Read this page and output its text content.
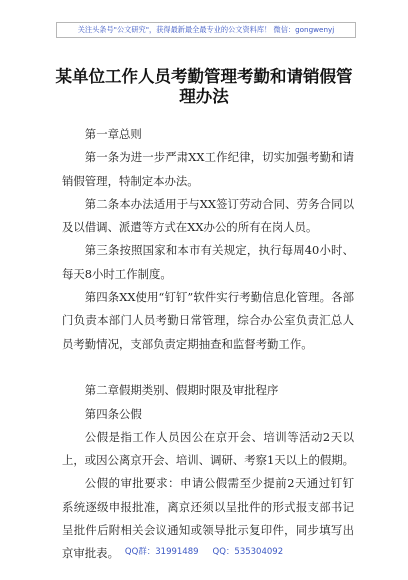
关注头条号"公文研究"，获得最新最全最专业的公文资料库！ 微信：gongwenyj
某单位工作人员考勤管理考勤和请销假管理办法

第一章总则

第一条为进一步严肃XX工作纪律，切实加强考勤和请销假管理，特制定本办法。

第二条本办法适用于与XX签订劳动合同、劳务合同以及以借调、派遣等方式在XX办公的所有在岗人员。

第三条按照国家和本市有关规定，执行每周40小时、每天8小时工作制度。

第四条XX使用“钉钉”软件实行考勤信息化管理。各部门负责本部门人员考勤日常管理，综合办公室负责汇总人员考勤情况，支部负责定期抽查和监督考勤工作。

第二章假期类别、假期时限及审批程序

第四条公假

公假是指工作人员因公在京开会、培训等活动2天以上，或因公离京开会、培训、调研、考察1天以上的假期。

公假的审批要求：申请公假需至少提前2天通过钉钉系统逐级申报批准，离京还须以呈批件的形式报支部书记呈批件后附相关会议通知或领导批示复印件，同步填写出京审批表。 QQ群：31991489 QQ：535304092
